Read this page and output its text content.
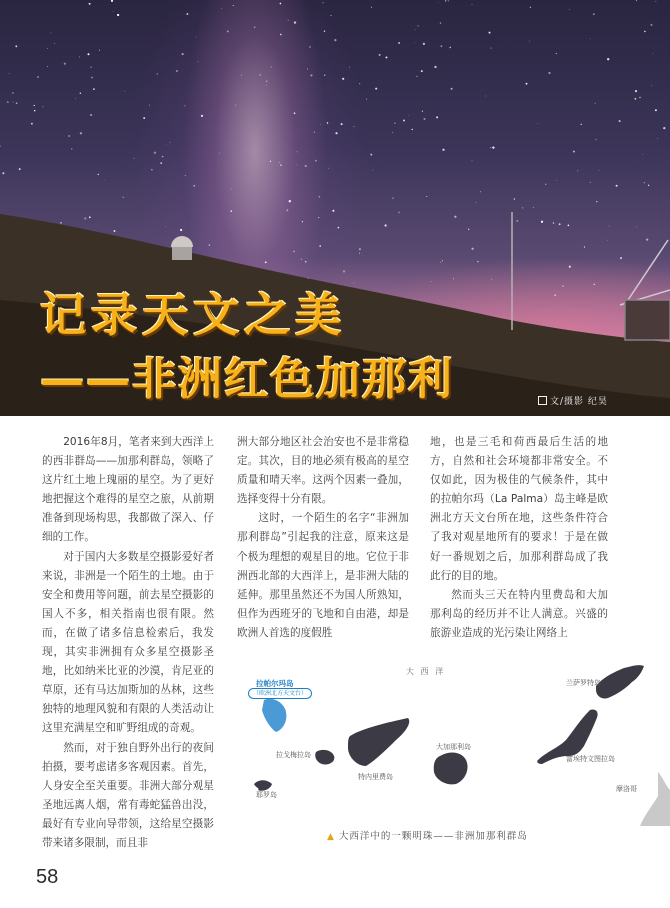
记录天文之美
——非洲红色加那利	文/摄影 纪昊

2016年8月，笔者来到大西洋上的西非群岛——加那利群岛，领略了这片红土地上瑰丽的星空。为了更好地把握这个难得的星空之旅，从前期准备到现场构思，我都做了深入、仔细的工作。

对于国内大多数星空摄影爱好者来说，非洲是一个陌生的土地。由于安全和费用等问题，前去星空摄影的国人不多，相关指南也很有限。然而，在做了诸多信息检索后，我发现，其实非洲拥有众多星空摄影圣地，比如纳米比亚的沙漠，肯尼亚的草原，还有马达加斯加的丛林，这些独特的地理风貌和有限的人类活动让这里充满星空和旷野组成的奇观。

然而，对于独自野外出行的夜间拍摄，要考虑诸多客观因素。首先，人身安全至关重要。非洲大部分观星圣地远离人烟，常有毒蛇猛兽出没，最好有专业向导带领，这给星空摄影带来诸多限制，而且非

洲大部分地区社会治安也不是非常稳定。其次，目的地必须有极高的星空质量和晴天率。这两个因素一叠加，选择变得十分有限。

这时，一个陌生的名字“非洲加那利群岛”引起我的注意，原来这是个极为理想的观星目的地。它位于非洲西北部的大西洋上，是非洲大陆的延伸。那里虽然还不为国人所熟知，但作为西班牙的飞地和自由港，却是欧洲人首选的度假胜

地，也是三毛和荷西最后生活的地方，自然和社会环境都非常安全。不仅如此，因为极佳的气候条件，其中的拉帕尔玛（La Palma）岛主峰是欧洲北方天文台所在地，这些条件符合了我对观星地所有的要求！于是在做好一番规划之后，加那利群岛成了我此行的目的地。

然而头三天在特内里费岛和大加那利岛的经历并不让人满意。兴盛的旅游业造成的光污染让网络上

大 西 洋
拉帕尔玛岛
（欧洲北方天文台）
拉戈梅拉岛
耶罗岛
特内里费岛
大加那利岛
兰萨罗特岛
富埃特文图拉岛
摩洛哥
▲ 大西洋中的一颗明珠——非洲加那利群岛
58
